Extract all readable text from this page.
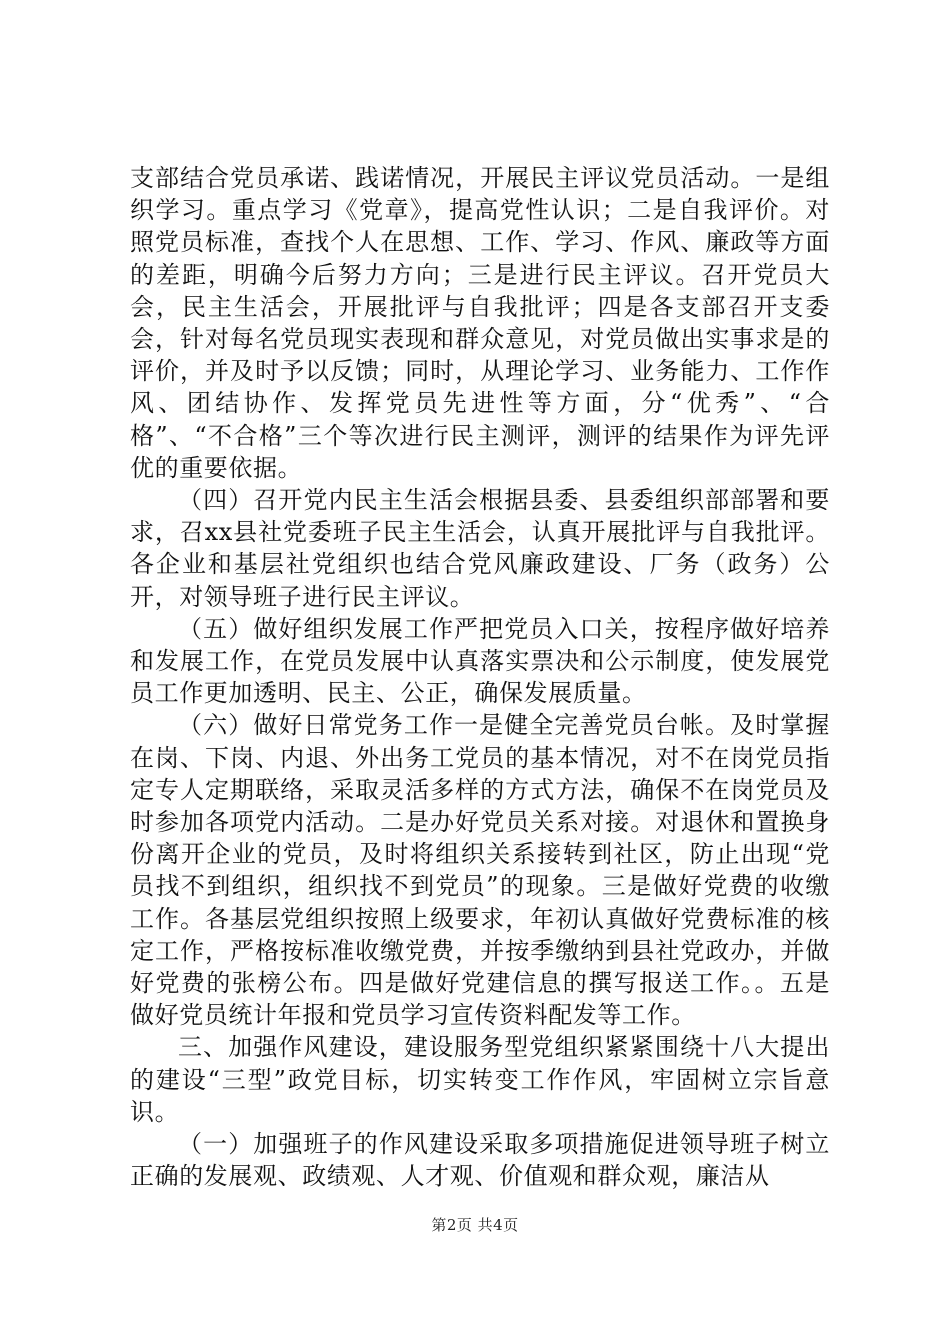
支部结合党员承诺、践诺情况，开展民主评议党员活动。一是组织学习。重点学习《党章》，提高党性认识；二是自我评价。对照党员标准，查找个人在思想、工作、学习、作风、廉政等方面的差距，明确今后努力方向；三是进行民主评议。召开党员大会，民主生活会，开展批评与自我批评；四是各支部召开支委会，针对每名党员现实表现和群众意见，对党员做出实事求是的评价，并及时予以反馈；同时，从理论学习、业务能力、工作作风、团结协作、发挥党员先进性等方面，分“优秀”、“合格”、“不合格”三个等次进行民主测评，测评的结果作为评先评优的重要依据。

（四）召开党内民主生活会根据县委、县委组织部部署和要求，召xx县社党委班子民主生活会，认真开展批评与自我批评。各企业和基层社党组织也结合党风廉政建设、厂务（政务）公开，对领导班子进行民主评议。

（五）做好组织发展工作严把党员入口关，按程序做好培养和发展工作，在党员发展中认真落实票决和公示制度，使发展党员工作更加透明、民主、公正，确保发展质量。

（六）做好日常党务工作一是健全完善党员台帐。及时掌握在岗、下岗、内退、外出务工党员的基本情况，对不在岗党员指定专人定期联络，采取灵活多样的方式方法，确保不在岗党员及时参加各项党内活动。二是办好党员关系对接。对退休和置换身份离开企业的党员，及时将组织关系接转到社区，防止出现“党员找不到组织，组织找不到党员”的现象。三是做好党费的收缴工作。各基层党组织按照上级要求，年初认真做好党费标准的核定工作，严格按标准收缴党费，并按季缴纳到县社党政办，并做好党费的张榜公布。四是做好党建信息的撰写报送工作。。五是做好党员统计年报和党员学习宣传资料配发等工作。

三、加强作风建设，建设服务型党组织紧紧围绕十八大提出的建设“三型”政党目标，切实转变工作作风，牢固树立宗旨意识。

（一）加强班子的作风建设采取多项措施促进领导班子树立正确的发展观、政绩观、人才观、价值观和群众观，廉洁从

第2页 共4页
